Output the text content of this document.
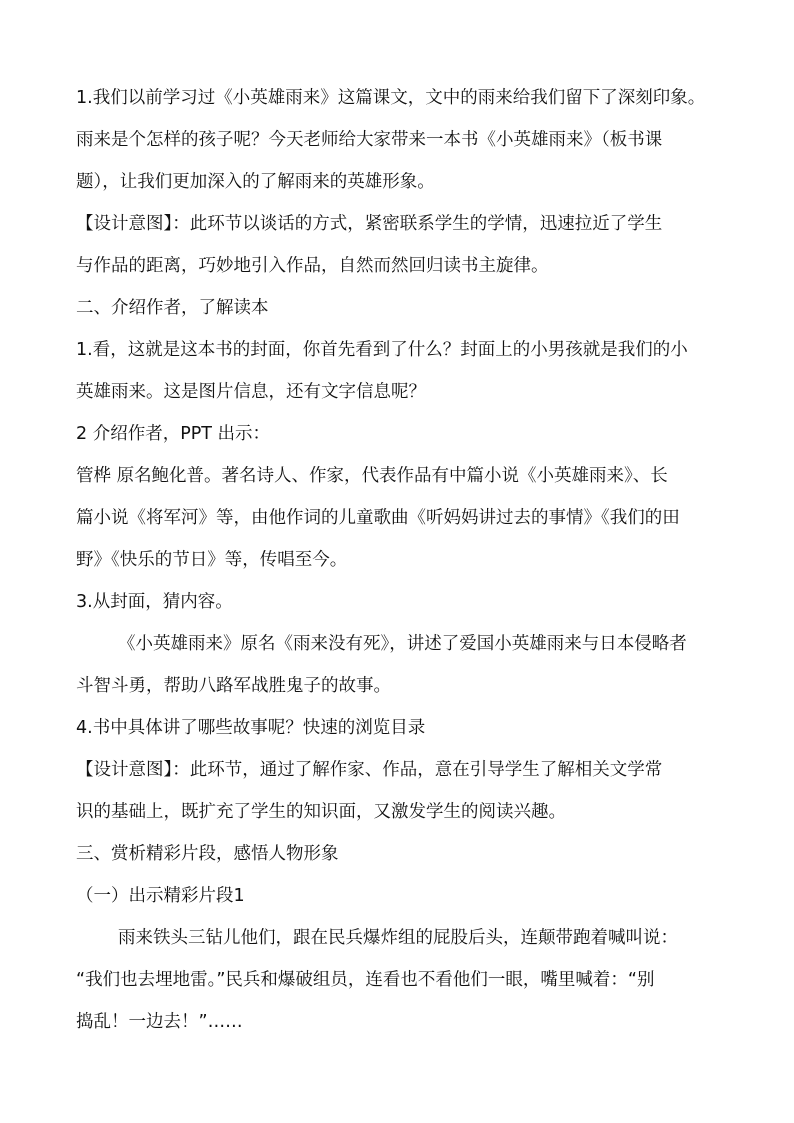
1.我们以前学习过《小英雄雨来》这篇课文，文中的雨来给我们留下了深刻印象。
雨来是个怎样的孩子呢？今天老师给大家带来一本书《小英雄雨来》（板书课
题），让我们更加深入的了解雨来的英雄形象。
【设计意图】：此环节以谈话的方式，紧密联系学生的学情，迅速拉近了学生
与作品的距离，巧妙地引入作品，自然而然回归读书主旋律。
二、介绍作者，了解读本
1.看，这就是这本书的封面，你首先看到了什么？封面上的小男孩就是我们的小
英雄雨来。这是图片信息，还有文字信息呢？
2 介绍作者，PPT 出示：
管桦 原名鲍化普。著名诗人、作家，代表作品有中篇小说《小英雄雨来》、长
篇小说《将军河》等，由他作词的儿童歌曲《听妈妈讲过去的事情》《我们的田
野》《快乐的节日》等，传唱至今。
3.从封面，猜内容。
《小英雄雨来》原名《雨来没有死》，讲述了爱国小英雄雨来与日本侵略者
斗智斗勇，帮助八路军战胜鬼子的故事。
4.书中具体讲了哪些故事呢？快速的浏览目录
【设计意图】：此环节，通过了解作家、作品，意在引导学生了解相关文学常
识的基础上，既扩充了学生的知识面，又激发学生的阅读兴趣。
三、赏析精彩片段，感悟人物形象
（一）出示精彩片段1
雨来铁头三钻儿他们，跟在民兵爆炸组的屁股后头，连颠带跑着喊叫说：
“我们也去埋地雷。”民兵和爆破组员，连看也不看他们一眼，嘴里喊着：“别
捣乱！一边去！”……
